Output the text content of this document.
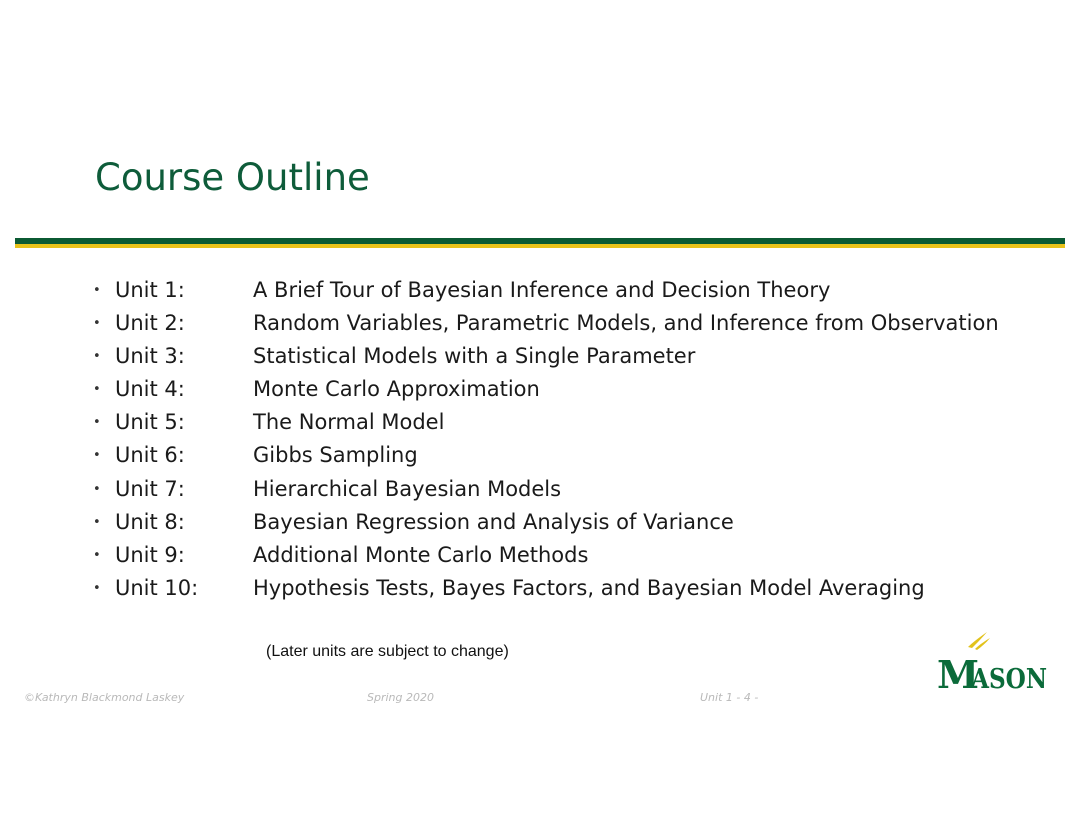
Course Outline
• Unit 1:	A Brief Tour of Bayesian Inference and Decision Theory
• Unit 2:	Random Variables, Parametric Models, and Inference from Observation
• Unit 3:	Statistical Models with a Single Parameter
• Unit 4:	Monte Carlo Approximation
• Unit 5:	The Normal Model
• Unit 6:	Gibbs Sampling
• Unit 7:	Hierarchical Bayesian Models
• Unit 8:	Bayesian Regression and Analysis of Variance
• Unit 9:	Additional Monte Carlo Methods
• Unit 10:	Hypothesis Tests, Bayes Factors, and Bayesian Model Averaging
(Later units are subject to change)
©Kathryn Blackmond Laskey	Spring 2020	Unit 1 - 4 -
M
ASON
